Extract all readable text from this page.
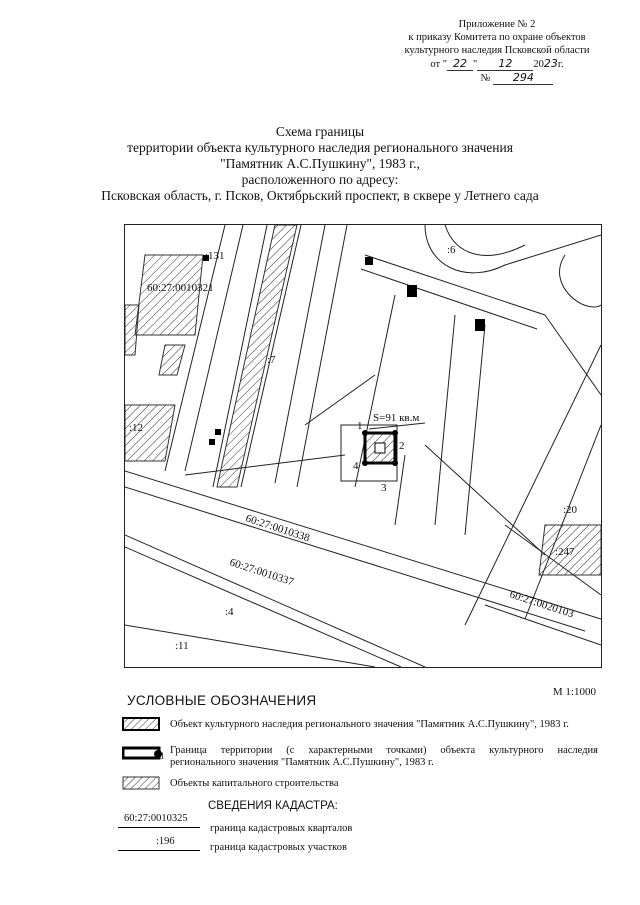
Приложение № 2
к приказу Комитета по охране объектов
культурного наследия Псковской области
от " 22 " 12 2023г.
№ 294
Схема границы
территории объекта культурного наследия регионального значения
"Памятник А.С.Пушкину", 1983 г.,
расположенного по адресу:
Псковская область, г. Псков, Октябрьский проспект, в сквере у Летнего сада
:131	:6
60:27:0010321
:7
:12
S=91 кв.м
1
2
3
4
60:27:0010338
60:27:0010337
:20
:247
60:27:0020103
:4
:11
УСЛОВНЫЕ ОБОЗНАЧЕНИЯ
М 1:1000
Объект культурного наследия регионального значения "Памятник А.С.Пушкину", 1983 г.
1 Граница территории (с характерными точками) объекта культурного наследия
регионального значения "Памятник А.С.Пушкину", 1983 г.
Объекты капитального строительства
СВЕДЕНИЯ КАДАСТРА:
60:27:0010325
граница кадастровых кварталов
:196
граница кадастровых участков
